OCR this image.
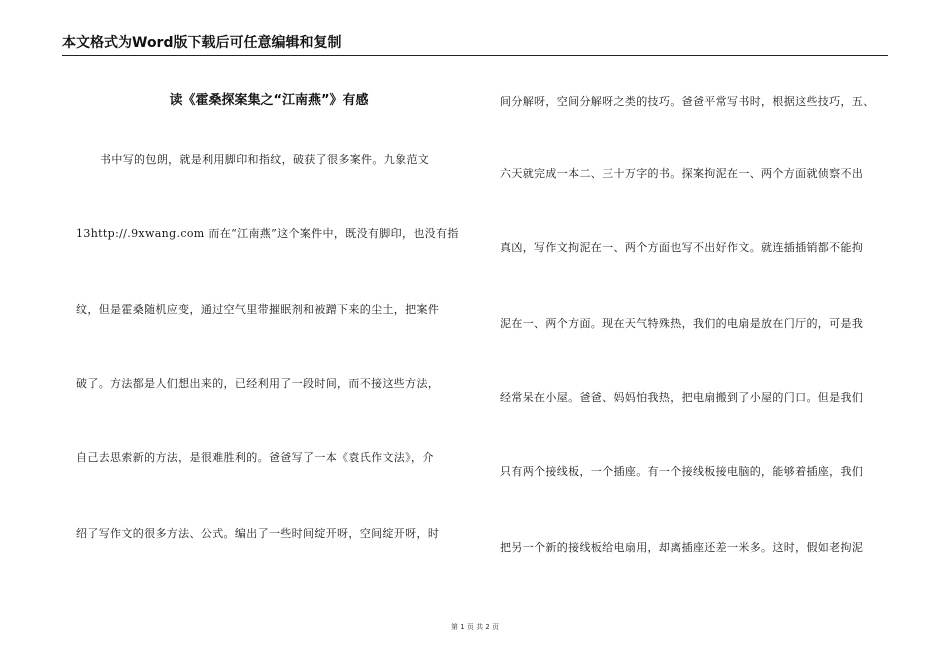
本文格式为Word版下载后可任意编辑和复制
读《霍桑探案集之“江南燕”》有感
书中写的包朗，就是利用脚印和指纹，破获了很多案件。九象范文
13http://.9xwang.com 而在“江南燕”这个案件中，既没有脚印，也没有指
纹，但是霍桑随机应变，通过空气里带摧眠剂和被蹭下来的尘土，把案件
破了。方法都是人们想出来的，已经利用了一段时间，而不接这些方法，
自己去思索新的方法，是很难胜利的。爸爸写了一本《袁氏作文法》，介
绍了写作文的很多方法、公式。编出了一些时间绽开呀，空间绽开呀，时
间分解呀，空间分解呀之类的技巧。爸爸平常写书时，根据这些技巧，五、
六天就完成一本二、三十万字的书。探案拘泥在一、两个方面就侦察不出
真凶，写作文拘泥在一、两个方面也写不出好作文。就连插插销都不能拘
泥在一、两个方面。现在天气特殊热，我们的电扇是放在门厅的，可是我
经常呆在小屋。爸爸、妈妈怕我热，把电扇搬到了小屋的门口。但是我们
只有两个接线板，一个插座。有一个接线板接电脑的，能够着插座，我们
把另一个新的接线板给电扇用，却离插座还差一米多。这时，假如老拘泥
第 1 页 共 2 页
